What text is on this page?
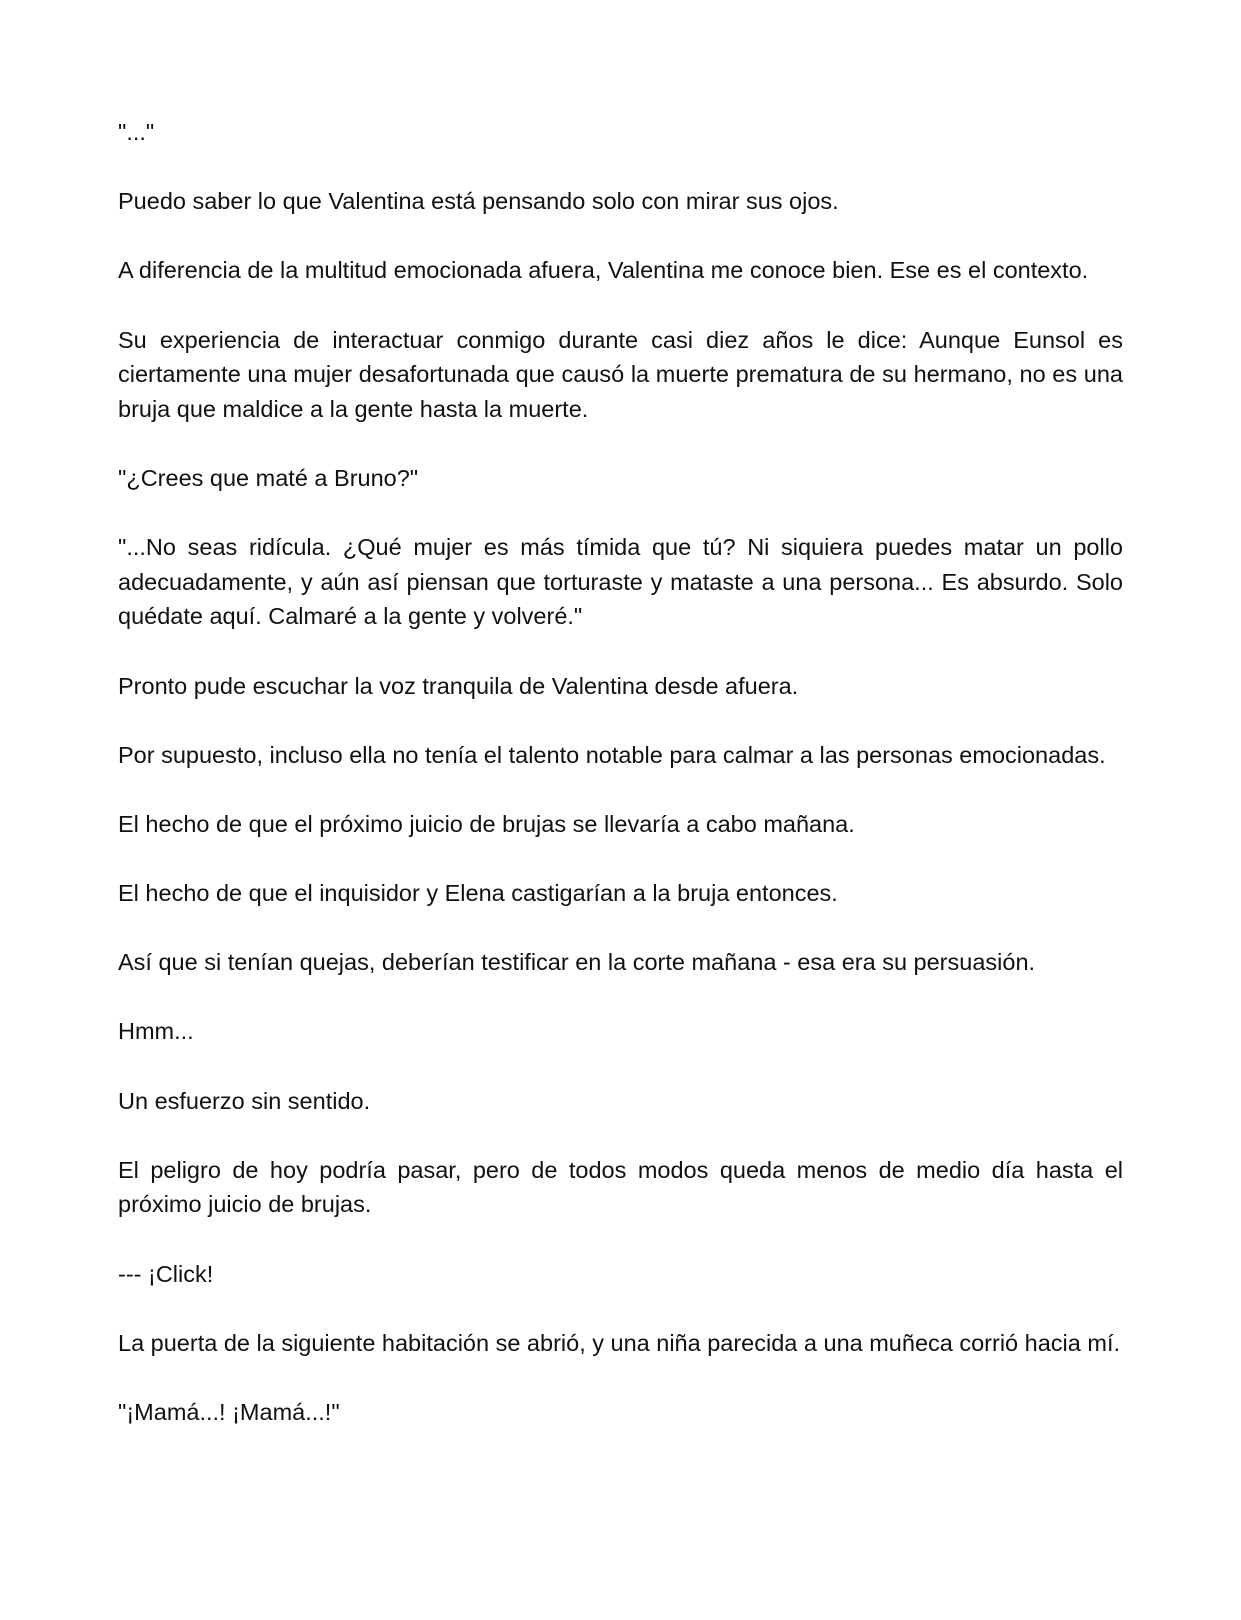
"..."

Puedo saber lo que Valentina está pensando solo con mirar sus ojos.

A diferencia de la multitud emocionada afuera, Valentina me conoce bien. Ese es el contexto.

Su experiencia de interactuar conmigo durante casi diez años le dice: Aunque Eunsol es ciertamente una mujer desafortunada que causó la muerte prematura de su hermano, no es una bruja que maldice a la gente hasta la muerte.

"¿Crees que maté a Bruno?"

"...No seas ridícula. ¿Qué mujer es más tímida que tú? Ni siquiera puedes matar un pollo adecuadamente, y aún así piensan que torturaste y mataste a una persona... Es absurdo. Solo quédate aquí. Calmaré a la gente y volveré."

Pronto pude escuchar la voz tranquila de Valentina desde afuera.

Por supuesto, incluso ella no tenía el talento notable para calmar a las personas emocionadas.

El hecho de que el próximo juicio de brujas se llevaría a cabo mañana.

El hecho de que el inquisidor y Elena castigarían a la bruja entonces.

Así que si tenían quejas, deberían testificar en la corte mañana - esa era su persuasión.

Hmm...

Un esfuerzo sin sentido.

El peligro de hoy podría pasar, pero de todos modos queda menos de medio día hasta el próximo juicio de brujas.

--- ¡Click!

La puerta de la siguiente habitación se abrió, y una niña parecida a una muñeca corrió hacia mí.

"¡Mamá...! ¡Mamá...!"
